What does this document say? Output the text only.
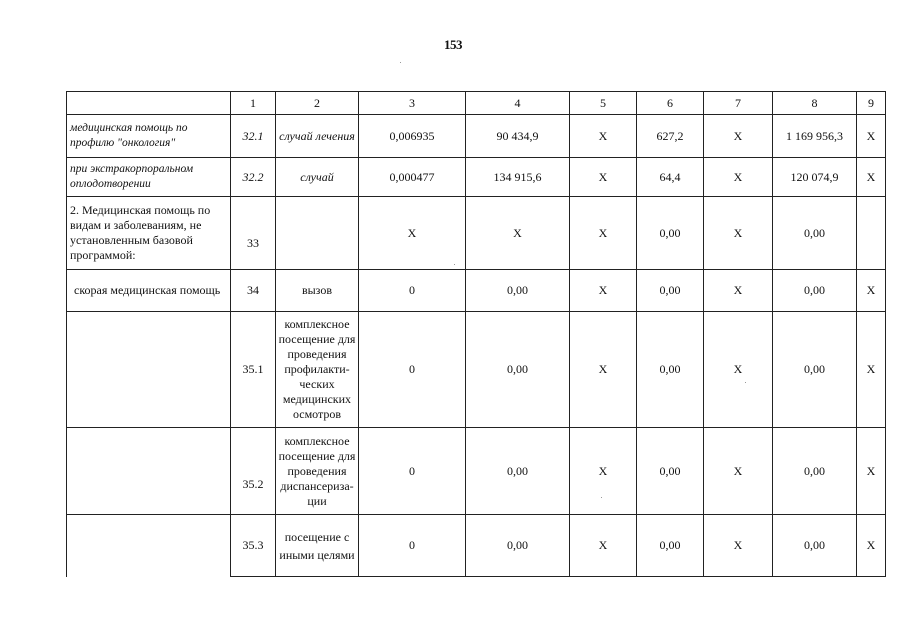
153
	1	2	3	4	5	6	7	8	9
медицинская помощь по профилю "онкология"	32.1	случай лечения	0,006935	90 434,9	X	627,2	X	1 169 956,3	X
при экстракорпоральном оплодотворении	32.2	случай	0,000477	134 915,6	X	64,4	X	120 074,9	X
2. Медицинская помощь по видам и заболеваниям, не установленным базовой программой:	33		X	X	X	0,00	X	0,00	
скорая медицинская помощь	34	вызов	0	0,00	X	0,00	X	0,00	X
	35.1	комплексное посещение для проведения профилакти-ческих медицинских осмотров	0	0,00	X	0,00	X	0,00	X
	35.2	комплексное посещение для проведения диспансериза-ции	0	0,00	X	0,00	X	0,00	X
	35.3	посещение с иными целями	0	0,00	X	0,00	X	0,00	X
